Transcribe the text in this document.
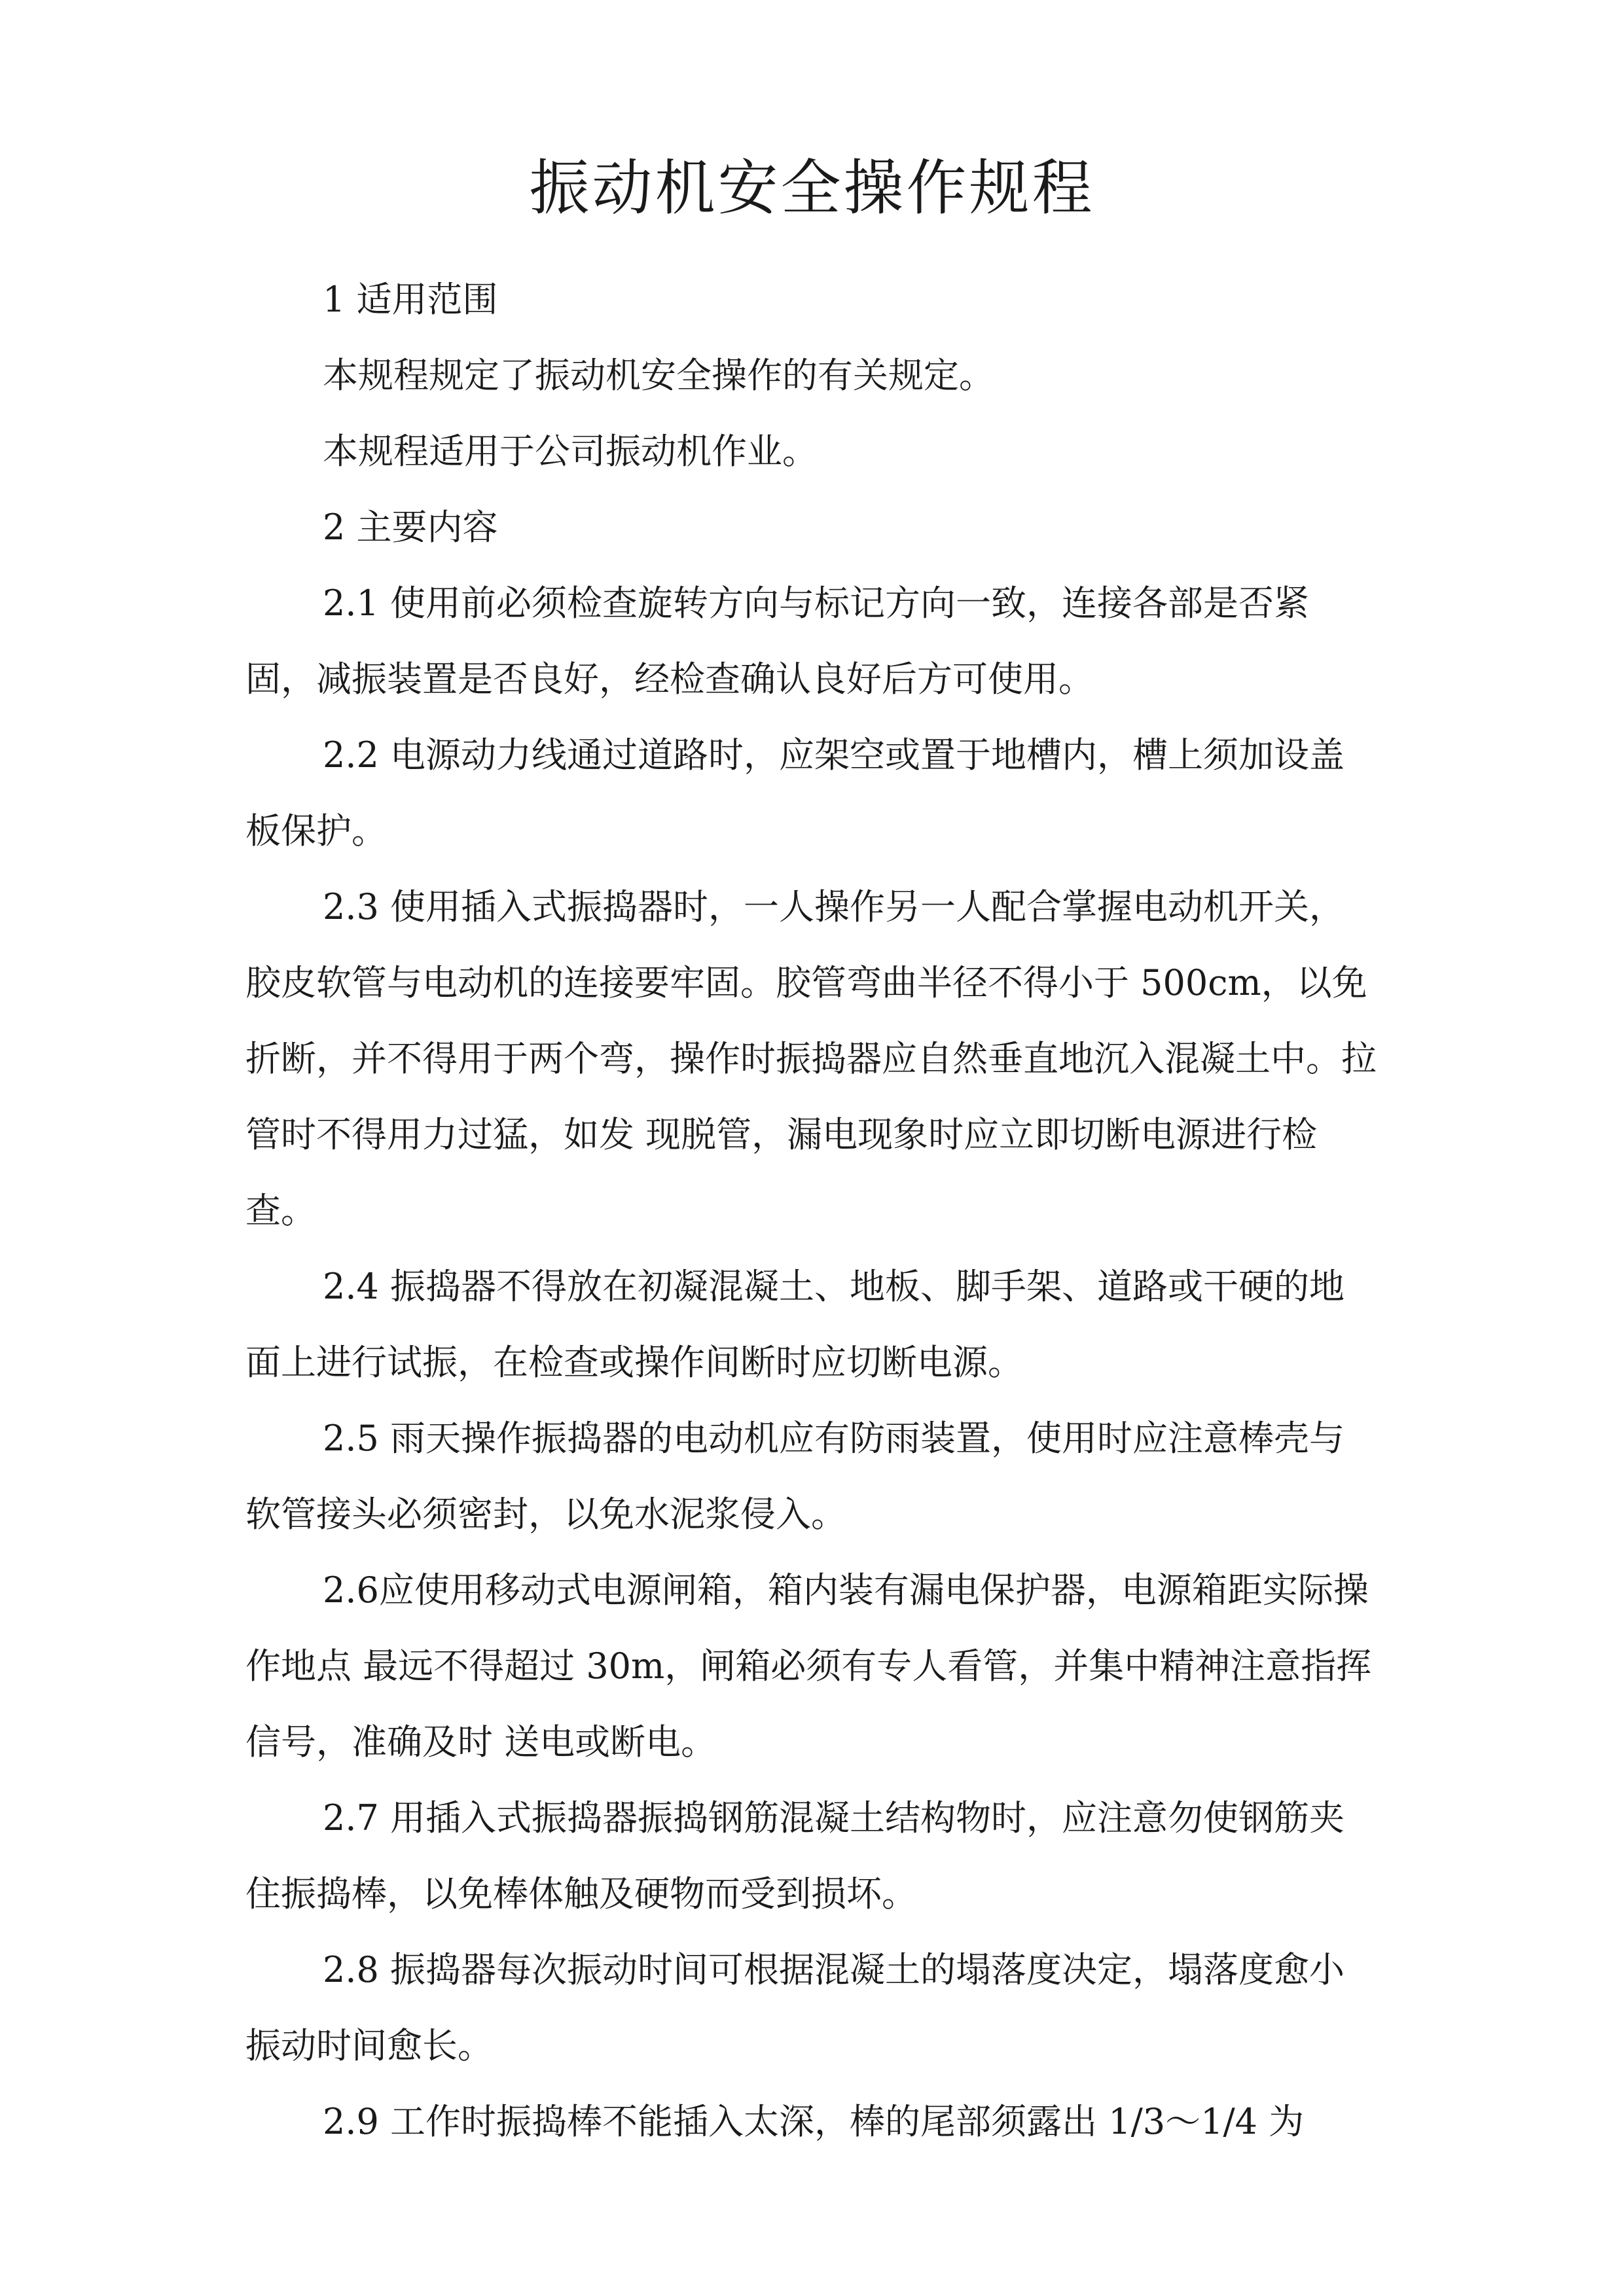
振动机安全操作规程

1 适用范围

本规程规定了振动机安全操作的有关规定。

本规程适用于公司振动机作业。

2 主要内容

2.1 使用前必须检查旋转方向与标记方向一致，连接各部是否紧固，减振装置是否良好，经检查确认良好后方可使用。

2.2 电源动力线通过道路时，应架空或置于地槽内，槽上须加设盖板保护。

2.3 使用插入式振捣器时，一人操作另一人配合掌握电动机开关，胶皮软管与电动机的连接要牢固。胶管弯曲半径不得小于 500cm，以免折断，并不得用于两个弯，操作时振捣器应自然垂直地沉入混凝土中。拉管时不得用力过猛，如发 现脱管，漏电现象时应立即切断电源进行检查。

2.4 振捣器不得放在初凝混凝土、地板、脚手架、道路或干硬的地面上进行试振，在检查或操作间断时应切断电源。

2.5 雨天操作振捣器的电动机应有防雨装置，使用时应注意棒壳与软管接头必须密封，以免水泥浆侵入。

2.6应使用移动式电源闸箱，箱内装有漏电保护器，电源箱距实际操作地点 最远不得超过 30m，闸箱必须有专人看管，并集中精神注意指挥信号，准确及时 送电或断电。

2.7 用插入式振捣器振捣钢筋混凝土结构物时，应注意勿使钢筋夹住振捣棒，以免棒体触及硬物而受到损坏。

2.8 振捣器每次振动时间可根据混凝土的塌落度决定，塌落度愈小振动时间愈长。

2.9 工作时振捣棒不能插入太深，棒的尾部须露出 1/3〜1/4 为
